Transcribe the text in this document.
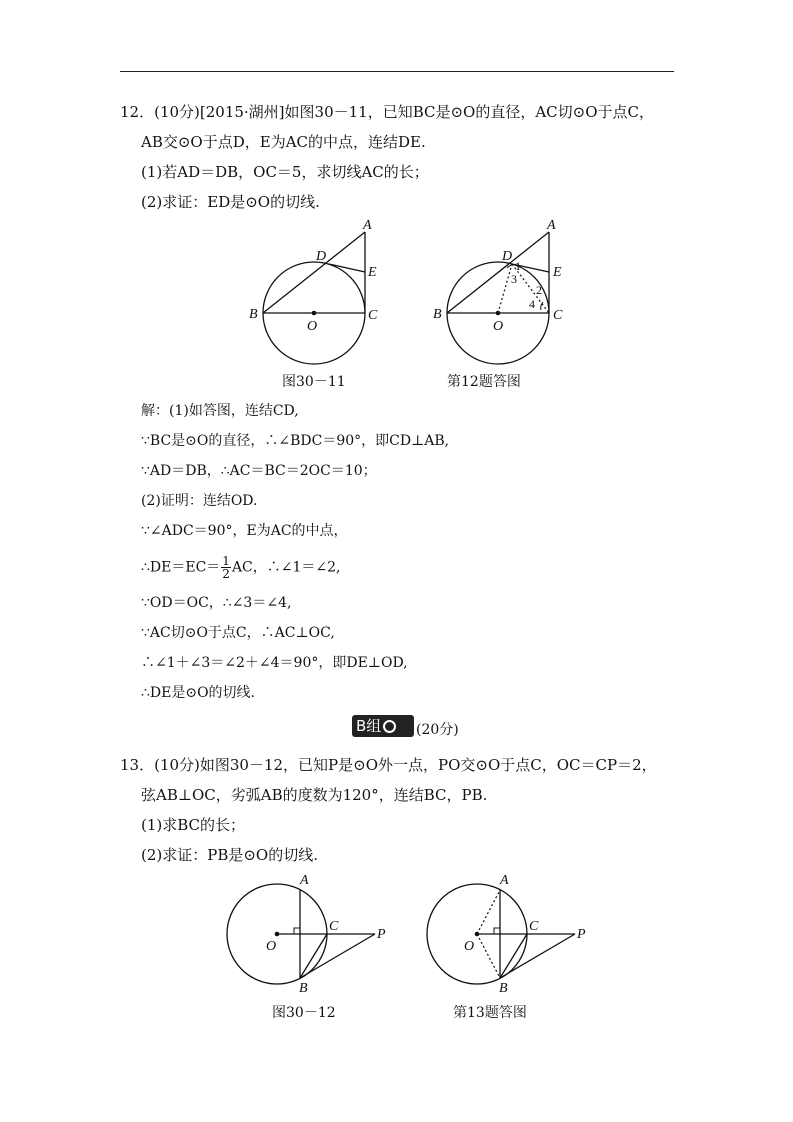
12．(10分)[2015·湖州]如图30－11，已知BC是⊙O的直径，AC切⊙O于点C，
AB交⊙O于点D，E为AC的中点，连结DE.
(1)若AD＝DB，OC＝5，求切线AC的长；
(2)求证：ED是⊙O的切线.
A
D
E
B	C
O
图30－11
A
D
E
B	C
O
1
3
2
4
第12题答图
解：(1)如答图，连结CD,
∵BC是⊙O的直径，∴∠BDC＝90°，即CD⊥AB,
∵AD＝DB，∴AC＝BC＝2OC＝10；
(2)证明：连结OD.
∵∠ADC＝90°，E为AC的中点，
∴DE＝EC＝ $\frac{1}{2}$ AC，∴∠1＝∠2,
∵OD＝OC，∴∠3＝∠4,
∵AC切⊙O于点C，∴AC⊥OC,
∴∠1＋∠3＝∠2＋∠4＝90°，即DE⊥OD,
∴DE是⊙O的切线.
B组	(20分)
13．(10分)如图30－12，已知P是⊙O外一点，PO交⊙O于点C，OC＝CP＝2，
弦AB⊥OC，劣弧AB的度数为120°，连结BC，PB.
(1)求BC的长；
(2)求证：PB是⊙O的切线.
A
C
P
O
B
图30－12
A
C
P
O
B
第13题答图
